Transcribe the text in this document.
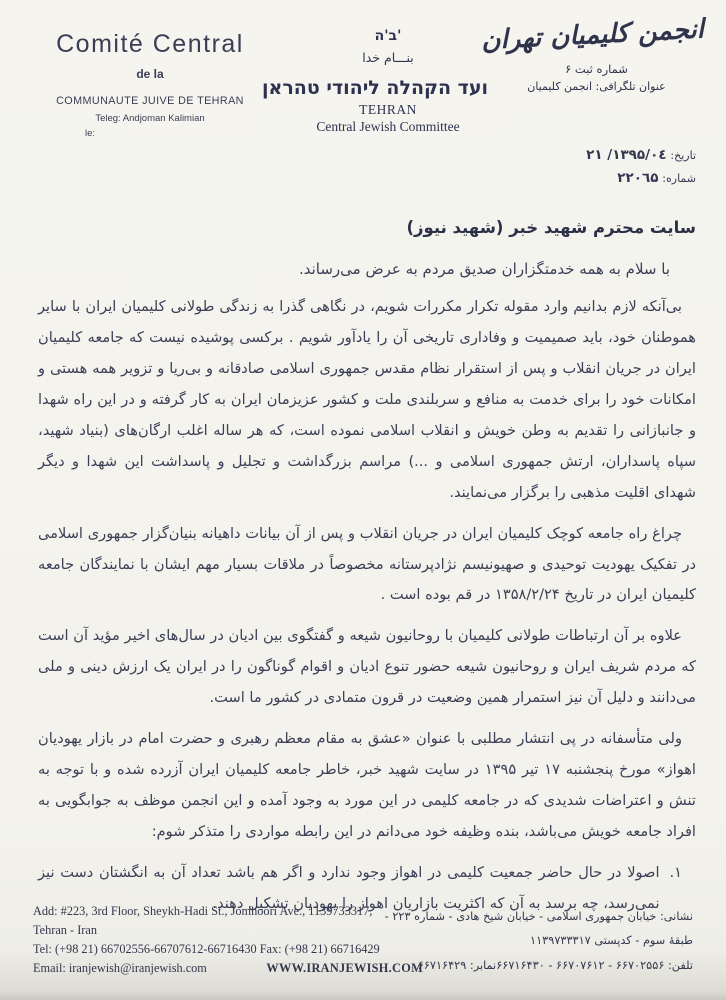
Comité Central
de la
COMMUNAUTE JUIVE DE TEHRAN
Teleg: Andjoman Kalimian
le:
ב'ה'
بنـــام خدا
ועד הקהלה ליהודי טהראן
TEHRAN
Central Jewish Committee
انجمن کلیمیان تهران
شماره ثبت ۶
عنوان تلگرافی: انجمن کلیمیان
تاریخ: ۱۳۹۵/٠٤/ ۲۱
شماره: ۲۲۰٦۵
سایت محترم شهید خبر (شهید نیوز)
با سلام به همه خدمتگزاران صدیق مردم به عرض می‌رساند.

بی‌آنکه لازم بدانیم وارد مقوله تکرار مکررات شویم، در نگاهی گذرا به زندگی طولانی کلیمیان ایران با سایر هموطنان خود، باید صمیمیت و وفاداری تاریخی آن را یادآور شویم . برکسی پوشیده نیست که جامعه کلیمیان ایران در جریان انقلاب و پس از استقرار نظام مقدس جمهوری اسلامی صادقانه و بی‌ریا و تزویر همه هستی و امکانات خود را برای خدمت به منافع و سربلندی ملت و کشور عزیزمان ایران به کار گرفته و در این راه شهدا و جانبازانی را تقدیم به وطن خویش و انقلاب اسلامی نموده است، که هر ساله اغلب ارگان‌های (بنیاد شهید، سپاه پاسداران، ارتش جمهوری اسلامی و ...) مراسم بزرگداشت و تجلیل و پاسداشت این شهدا و دیگر شهدای اقلیت مذهبی را برگزار می‌نمایند.

چراغ راه جامعه کوچک کلیمیان ایران در جریان انقلاب و پس از آن بیانات داهیانه بنیان‌گزار جمهوری اسلامی در تفکیک یهودیت توحیدی و صهیونیسم نژادپرستانه مخصوصاً در ملاقات بسیار مهم ایشان با نمایندگان جامعه کلیمیان ایران در تاریخ ۱۳۵۸/۲/۲۴ در قم بوده است .

علاوه بر آن ارتباطات طولانی کلیمیان با روحانیون شیعه و گفتگوی بین ادیان در سال‌های اخیر مؤید آن است که مردم شریف ایران و روحانیون شیعه حضور تنوع ادیان و اقوام گوناگون را در ایران یک ارزش دینی و ملی می‌دانند و دلیل آن نیز استمرار همین وضعیت در قرون متمادی در کشور ما است.

ولی متأسفانه در پی انتشار مطلبی با عنوان «عشق به مقام معظم رهبری و حضرت امام در بازار یهودیان اهواز» مورخ پنجشنبه ۱۷ تیر ۱۳۹۵ در سایت شهید خبر، خاطر جامعه کلیمیان ایران آزرده شده و با توجه به تنش و اعتراضات شدیدی که در جامعه کلیمی در این مورد به وجود آمده و این انجمن موظف به جوابگویی به افراد جامعه خویش می‌باشد، بنده وظیفه خود می‌دانم در این رابطه مواردی را متذکر شوم:

۱.
اصولا در حال حاضر جمعیت کلیمی در اهواز وجود ندارد و اگر هم باشد تعداد آن به انگشتان دست نیز نمی‌رسد، چه برسد به آن که اکثریت بازاریان اهواز را یهودیان تشکیل دهند.
Add: #223, 3rd Floor, Sheykh-Hadi St., Jomhoori Ave., 1139733317,
Tehran - Iran
Tel: (+98 21) 66702556-66707612-66716430 Fax: (+98 21) 66716429
Email: iranjewish@iranjewish.com	WWW.IRANJEWISH.COM
نشانی: خیابان جمهوری اسلامی - خیابان شیخ هادی - شماره ۲۲۳ -
طبقهٔ سوم - کدپستی ۱۱۳۹۷۳۳۳۱۷
تلفن: ۶۶۷۰۲۵۵۶ - ۶۶۷۰۷۶۱۲ - ۶۶۷۱۶۴۳۰
نمابر: ۶۶۷۱۶۴۲۹
